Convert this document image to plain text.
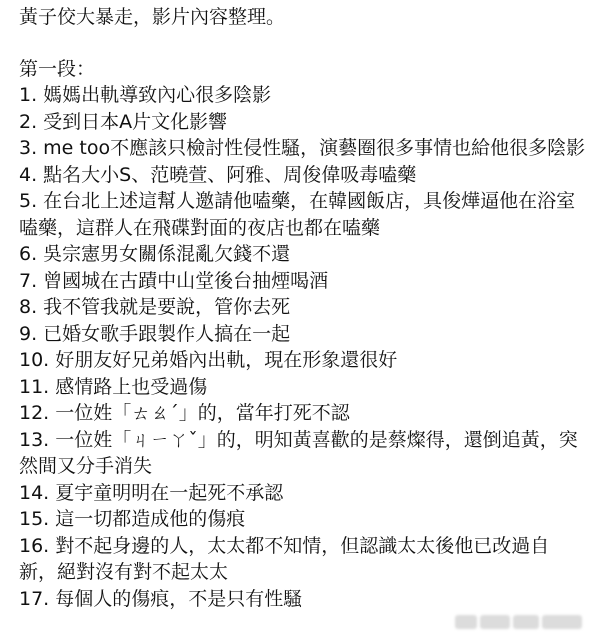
黃子佼大暴走，影片內容整理。

第一段：

1. 媽媽出軌導致內心很多陰影
2. 受到日本A片文化影響
3. me too不應該只檢討性侵性騷，演藝圈很多事情也給他很多陰影
4. 點名大小S、范曉萱、阿雅、周俊偉吸毒嗑藥
5. 在台北上述這幫人邀請他嗑藥，在韓國飯店，具俊燁逼他在浴室嗑藥，這群人在飛碟對面的夜店也都在嗑藥
6. 吳宗憲男女關係混亂欠錢不還
7. 曾國城在古蹟中山堂後台抽煙喝酒
8. 我不管我就是要說，管你去死
9. 已婚女歌手跟製作人搞在一起
10. 好朋友好兄弟婚內出軌，現在形象還很好
11. 感情路上也受過傷
12. 一位姓「ㄊㄠˊ」的，當年打死不認
13. 一位姓「ㄐㄧㄚˇ」的，明知黃喜歡的是蔡燦得，還倒追黃，突然間又分手消失
14. 夏宇童明明在一起死不承認
15. 這一切都造成他的傷痕
16. 對不起身邊的人，太太都不知情，但認識太太後他已改過自新，絕對沒有對不起太太
17. 每個人的傷痕，不是只有性騷
